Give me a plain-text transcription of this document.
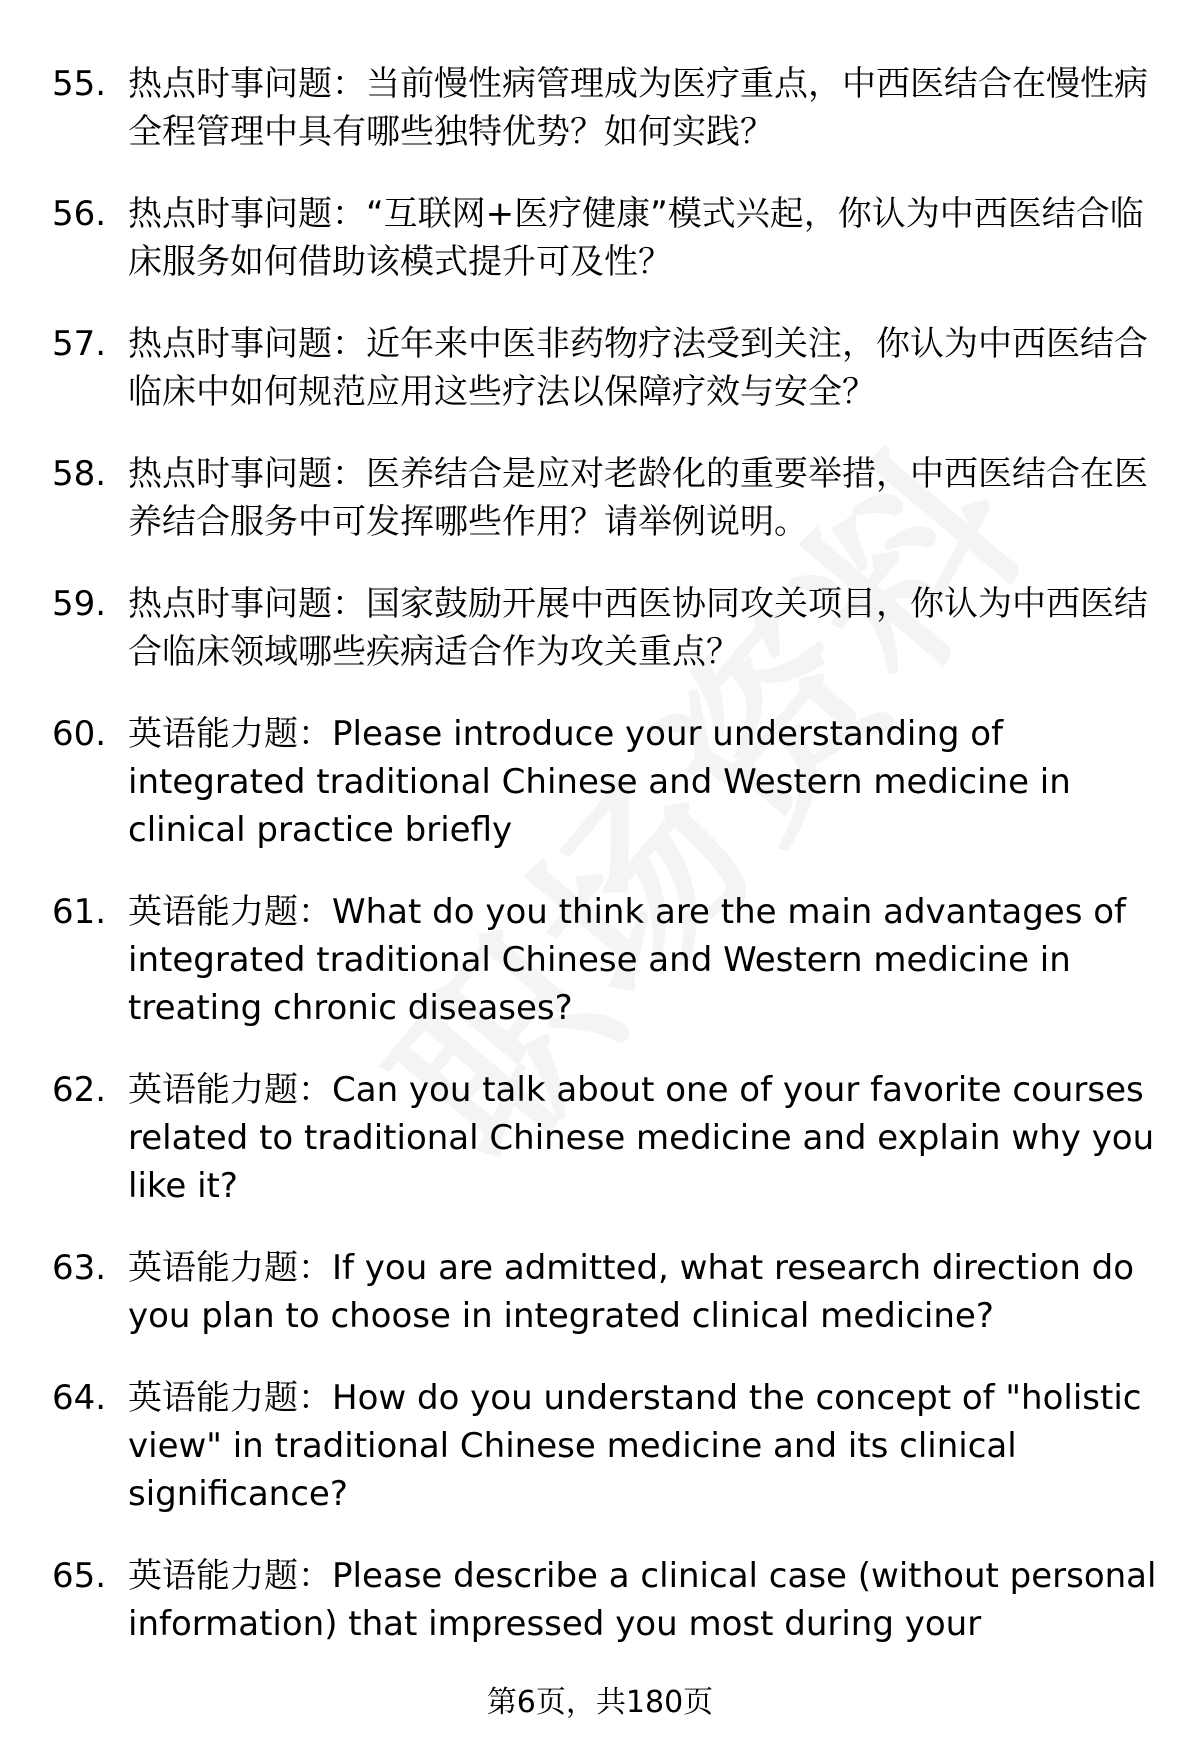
55. 热点时事问题：当前慢性病管理成为医疗重点，中西医结合在慢性病全程管理中具有哪些独特优势？如何实践？
56. 热点时事问题：“互联网+医疗健康”模式兴起，你认为中西医结合临床服务如何借助该模式提升可及性？
57. 热点时事问题：近年来中医非药物疗法受到关注，你认为中西医结合临床中如何规范应用这些疗法以保障疗效与安全？
58. 热点时事问题：医养结合是应对老龄化的重要举措，中西医结合在医养结合服务中可发挥哪些作用？请举例说明。
59. 热点时事问题：国家鼓励开展中西医协同攻关项目，你认为中西医结合临床领域哪些疾病适合作为攻关重点？
60. 英语能力题：Please introduce your understanding of integrated traditional Chinese and Western medicine in clinical practice briefly
61. 英语能力题：What do you think are the main advantages of integrated traditional Chinese and Western medicine in treating chronic diseases?
62. 英语能力题：Can you talk about one of your favorite courses related to traditional Chinese medicine and explain why you like it?
63. 英语能力题：If you are admitted, what research direction do you plan to choose in integrated clinical medicine?
64. 英语能力题：How do you understand the concept of "holistic view" in traditional Chinese medicine and its clinical significance?
65. 英语能力题：Please describe a clinical case (without personal information) that impressed you most during your
第6页，共180页
